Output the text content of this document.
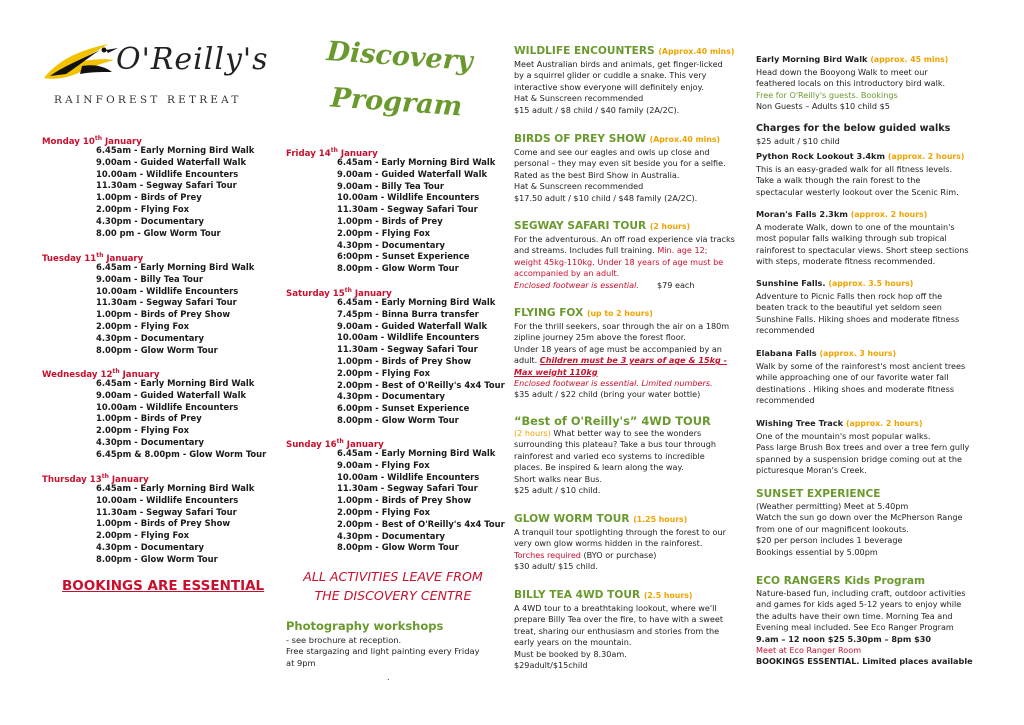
O'Reilly's
RAINFOREST RETREAT
Monday 10th January
6.45am - Early Morning Bird Walk
9.00am - Guided Waterfall Walk
10.00am - Wildlife Encounters
11.30am - Segway Safari Tour
1.00pm - Birds of Prey
2.00pm - Flying Fox
4.30pm - Documentary
8.00 pm - Glow Worm Tour
Tuesday 11th January
6.45am - Early Morning Bird Walk
9.00am - Billy Tea Tour
10.00am - Wildlife Encounters
11.30am - Segway Safari Tour
1.00pm - Birds of Prey Show
2.00pm - Flying Fox
4.30pm - Documentary
8.00pm - Glow Worm Tour
Wednesday 12th January
6.45am - Early Morning Bird Walk
9.00am - Guided Waterfall Walk
10.00am - Wildlife Encounters
1.00pm - Birds of Prey
2.00pm - Flying Fox
4.30pm - Documentary
6.45pm & 8.00pm - Glow Worm Tour
Thursday 13th January
6.45am - Early Morning Bird Walk
10.00am - Wildlife Encounters
11.30am - Segway Safari Tour
1.00pm - Birds of Prey Show
2.00pm - Flying Fox
4.30pm - Documentary
8.00pm - Glow Worm Tour
BOOKINGS ARE ESSENTIAL
Discovery
Program
Friday 14th January
6.45am - Early Morning Bird Walk
9.00am - Guided Waterfall Walk
9.00am - Billy Tea Tour
10.00am - Wildlife Encounters
11.30am - Segway Safari Tour
1.00pm - Birds of Prey
2.00pm - Flying Fox
4.30pm - Documentary
6:00pm - Sunset Experience
8.00pm - Glow Worm Tour
Saturday 15th January
6.45am - Early Morning Bird Walk
7.45pm - Binna Burra transfer
9.00am - Guided Waterfall Walk
10.00am - Wildlife Encounters
11.30am - Segway Safari Tour
1.00pm - Birds of Prey Show
2.00pm - Flying Fox
2.00pm - Best of O'Reilly's 4x4 Tour
4.30pm - Documentary
6.00pm - Sunset Experience
8.00pm - Glow Worm Tour
Sunday 16th January
6.45am - Early Morning Bird Walk
9.00am - Flying Fox
10.00am - Wildlife Encounters
11.30am - Segway Safari Tour
1.00pm - Birds of Prey Show
2.00pm - Flying Fox
2.00pm - Best of O'Reilly's 4x4 Tour
4.30pm - Documentary
8.00pm - Glow Worm Tour
ALL ACTIVITIES LEAVE FROM
THE DISCOVERY CENTRE
Photography workshops
- see brochure at reception.
Free stargazing and light painting every Friday
at 9pm
.
WILDLIFE ENCOUNTERS (Approx.40 mins)
Meet Australian birds and animals, get finger-licked
by a squirrel glider or cuddle a snake. This very
interactive show everyone will definitely enjoy.
Hat & Sunscreen recommended
$15 adult / $8 child / $40 family (2A/2C).
BIRDS OF PREY SHOW (Aprox.40 mins)
Come and see our eagles and owls up close and
personal – they may even sit beside you for a selfie.
Rated as the best Bird Show in Australia.
Hat & Sunscreen recommended
$17.50 adult / $10 child / $48 family (2A/2C).
SEGWAY SAFARI TOUR (2 hours)
For the adventurous. An off road experience via tracks
and streams. Includes full training. Min. age 12;
weight 45kg-110kg. Under 18 years of age must be
accompanied by an adult.
Enclosed footwear is essential. $79 each
FLYING FOX (up to 2 hours)
For the thrill seekers, soar through the air on a 180m
zipline journey 25m above the forest floor.
Under 18 years of age must be accompanied by an
adult. Children must be 3 years of age & 15kg -
Max weight 110kg
Enclosed footwear is essential. Limited numbers.
$35 adult / $22 child (bring your water bottle)
“Best of O'Reilly's” 4WD TOUR
(2 hours) What better way to see the wonders
surrounding this plateau? Take a bus tour through
rainforest and varied eco systems to incredible
places. Be inspired & learn along the way.
Short walks near Bus.
$25 adult / $10 child.
GLOW WORM TOUR (1.25 hours)
A tranquil tour spotlighting through the forest to our
very own glow worms hidden in the rainforest.
Torches required (BYO or purchase)
$30 adult/ $15 child.
BILLY TEA 4WD TOUR (2.5 hours)
A 4WD tour to a breathtaking lookout, where we'll
prepare Billy Tea over the fire, to have with a sweet
treat, sharing our enthusiasm and stories from the
early years on the mountain.
Must be booked by 8.30am.
$29adult/$15child
Early Morning Bird Walk (approx. 45 mins)
Head down the Booyong Walk to meet our
feathered locals on this introductory bird walk.
Free for O'Reilly's guests. Bookings
Non Guests – Adults $10 child $5
Charges for the below guided walks
$25 adult / $10 child
Python Rock Lookout 3.4km (approx. 2 hours)
This is an easy-graded walk for all fitness levels.
Take a walk though the rain forest to the
spectacular westerly lookout over the Scenic Rim.
Moran's Falls 2.3km (approx. 2 hours)
A moderate Walk, down to one of the mountain's
most popular falls walking through sub tropical
rainforest to spectacular views. Short steep sections
with steps, moderate fitness recommended.
Sunshine Falls. (approx. 3.5 hours)
Adventure to Picnic Falls then rock hop off the
beaten track to the beautiful yet seldom seen
Sunshine Falls. Hiking shoes and moderate fitness
recommended
Elabana Falls (approx. 3 hours)
Walk by some of the rainforest's most ancient trees
while approaching one of our favorite water fall
destinations . Hiking shoes and moderate fitness
recommended
Wishing Tree Track (approx. 2 hours)
One of the mountain's most popular walks.
Pass large Brush Box trees and over a tree fern gully
spanned by a suspension bridge coming out at the
picturesque Moran's Creek.
SUNSET EXPERIENCE
(Weather permitting) Meet at 5.40pm
Watch the sun go down over the McPherson Range
from one of our magnificent lookouts.
$20 per person includes 1 beverage
Bookings essential by 5.00pm
ECO RANGERS Kids Program
Nature-based fun, including craft, outdoor activities
and games for kids aged 5-12 years to enjoy while
the adults have their own time. Morning Tea and
Evening meal included. See Eco Ranger Program
9.am – 12 noon $25 5.30pm – 8pm $30
Meet at Eco Ranger Room
BOOKINGS ESSENTIAL. Limited places available
